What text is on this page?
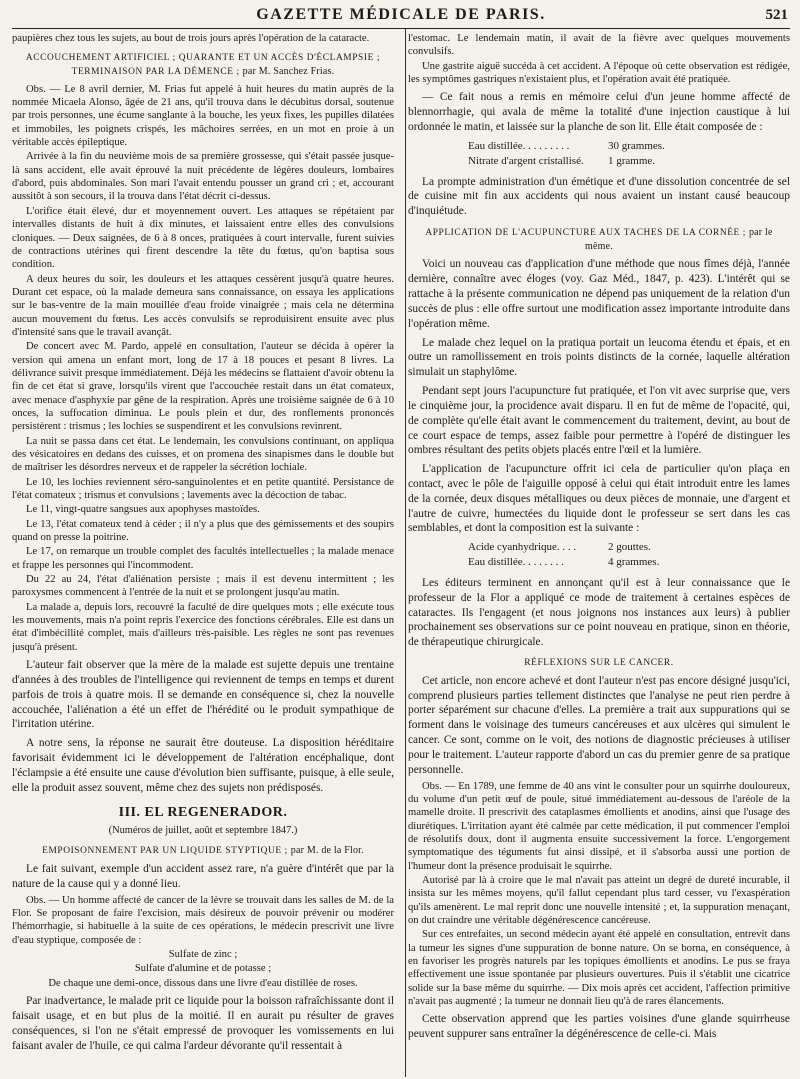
GAZETTE MÉDICALE DE PARIS.	521

paupières chez tous les sujets, au bout de trois jours après l'opération de la cataracte.

ACCOUCHEMENT ARTIFICIEL ; QUARANTE ET UN ACCÈS D'ÉCLAMPSIE ; TERMINAISON PAR LA DÉMENCE ; par M. Sanchez Frias.

Obs. — Le 8 avril dernier, M. Frias fut appelé à huit heures du matin auprès de la nommée Micaela Alonso, âgée de 21 ans, qu'il trouva dans le décubitus dorsal, soutenue par trois personnes, une écume sanglante à la bouche, les yeux fixes, les pupilles dilatées et immobiles, les poignets crispés, les mâchoires serrées, en un mot en proie à un véritable accès épileptique.

Arrivée à la fin du neuvième mois de sa première grossesse, qui s'était passée jusque-là sans accident, elle avait éprouvé la nuit précédente de légères douleurs, lombaires d'abord, puis abdominales. Son mari l'avait entendu pousser un grand cri ; et, accourant aussitôt à son secours, il la trouva dans l'état décrit ci-dessus.

L'orifice était élevé, dur et moyennement ouvert. Les attaques se répétaient par intervalles distants de huit à dix minutes, et laissaient entre elles des convulsions cloniques. — Deux saignées, de 6 à 8 onces, pratiquées à court intervalle, furent suivies de contractions utérines qui firent descendre la tête du fœtus, qu'on baptisa sous condition.

A deux heures du soir, les douleurs et les attaques cessèrent jusqu'à quatre heures. Durant cet espace, où la malade demeura sans connaissance, on essaya les applications sur le bas-ventre de la main mouillée d'eau froide vinaigrée ; mais cela ne détermina aucun mouvement du fœtus. Les accès convulsifs se reproduisirent ensuite avec plus d'intensité sans que le travail avançât.

De concert avec M. Pardo, appelé en consultation, l'auteur se décida à opérer la version qui amena un enfant mort, long de 17 à 18 pouces et pesant 8 livres. La délivrance suivit presque immédiatement. Déjà les médecins se flattaient d'avoir obtenu la fin de cet état si grave, lorsqu'ils virent que l'accouchée restait dans un état comateux, avec menace d'asphyxie par gêne de la respiration. Après une troisième saignée de 6 à 10 onces, la suffocation diminua. Le pouls plein et dur, des ronflements prononcés persistèrent : trismus ; les lochies se suspendirent et les convulsions revinrent.

La nuit se passa dans cet état. Le lendemain, les convulsions continuant, on appliqua des vésicatoires en dedans des cuisses, et on promena des sinapismes dans le double but de maîtriser les désordres nerveux et de rappeler la sécrétion lochiale.

Le 10, les lochies reviennent séro-sanguinolentes et en petite quantité. Persistance de l'état comateux ; trismus et convulsions ; lavements avec la décoction de tabac.

Le 11, vingt-quatre sangsues aux apophyses mastoïdes.

Le 13, l'état comateux tend à céder ; il n'y a plus que des gémissements et des soupirs quand on presse la poitrine.

Le 17, on remarque un trouble complet des facultés intellectuelles ; la malade menace et frappe les personnes qui l'incommodent.

Du 22 au 24, l'état d'aliénation persiste ; mais il est devenu intermittent ; les paroxysmes commencent à l'entrée de la nuit et se prolongent jusqu'au matin.

La malade a, depuis lors, recouvré la faculté de dire quelques mots ; elle exécute tous les mouvements, mais n'a point repris l'exercice des fonctions cérébrales. Elle est dans un état d'imbécillité complet, mais d'ailleurs très-paisible. Les règles ne sont pas revenues jusqu'à présent.

L'auteur fait observer que la mère de la malade est sujette depuis une trentaine d'années à des troubles de l'intelligence qui reviennent de temps en temps et durent parfois de trois à quatre mois. Il se demande en conséquence si, chez la nouvelle accouchée, l'aliénation a été un effet de l'hérédité ou le produit sympathique de l'irritation utérine.

A notre sens, la réponse ne saurait être douteuse. La disposition héréditaire favorisait évidemment ici le développement de l'altération encéphalique, dont l'éclampsie a été ensuite une cause d'évolution bien suffisante, puisque, à elle seule, elle la produit assez souvent, même chez des sujets non prédisposés.

III. EL REGENERADOR.
(Numéros de juillet, août et septembre 1847.)
EMPOISONNEMENT PAR UN LIQUIDE STYPTIQUE ; par M. de la Flor.

Le fait suivant, exemple d'un accident assez rare, n'a guère d'intérêt que par la nature de la cause qui y a donné lieu.

Obs. — Un homme affecté de cancer de la lèvre se trouvait dans les salles de M. de la Flor. Se proposant de faire l'excision, mais désireux de pouvoir prévenir ou modérer l'hémorrhagie, si habituelle à la suite de ces opérations, le médecin prescrivit une livre d'eau styptique, composée de :

Sulfate de zinc ;

Sulfate d'alumine et de potasse ;

De chaque une demi-once, dissous dans une livre d'eau distillée de roses.

Par inadvertance, le malade prit ce liquide pour la boisson rafraîchissante dont il faisait usage, et en but plus de la moitié. Il en aurait pu résulter de graves conséquences, si l'on ne s'était empressé de provoquer les vomissements en lui faisant avaler de l'huile, ce qui calma l'ardeur dévorante qu'il ressentait à

l'estomac. Le lendemain matin, il avait de la fièvre avec quelques mouvements convulsifs.

Une gastrite aiguë succéda à cet accident. A l'époque où cette observation est rédigée, les symptômes gastriques n'existaient plus, et l'opération avait été pratiquée.

— Ce fait nous a remis en mémoire celui d'un jeune homme affecté de blennorrhagie, qui avala de même la totalité d'une injection caustique à lui ordonnée le matin, et laissée sur la planche de son lit. Elle était composée de :

Eau distillée. . . . . . . . .	30 grammes.
Nitrate d'argent cristallisé.	1 gramme.

La prompte administration d'un émétique et d'une dissolution concentrée de sel de cuisine mit fin aux accidents qui nous avaient un instant causé beaucoup d'inquiétude.

APPLICATION DE L'ACUPUNCTURE AUX TACHES DE LA CORNÉE ; par le même.

Voici un nouveau cas d'application d'une méthode que nous fîmes déjà, l'année dernière, connaître avec éloges (voy. Gaz Méd., 1847, p. 423). L'intérêt qui se rattache à la présente communication ne dépend pas uniquement de la relation d'un succès de plus : elle offre surtout une modification assez importante introduite dans l'opération même.

Le malade chez lequel on la pratiqua portait un leucoma étendu et épais, et en outre un ramollissement en trois points distincts de la cornée, laquelle altération simulait un staphylôme.

Pendant sept jours l'acupuncture fut pratiquée, et l'on vit avec surprise que, vers le cinquième jour, la procidence avait disparu. Il en fut de même de l'opacité, qui, de complète qu'elle était avant le commencement du traitement, devint, au bout de ce court espace de temps, assez faible pour permettre à l'opéré de distinguer les ombres résultant des petits objets placés entre l'œil et la lumière.

L'application de l'acupuncture offrit ici cela de particulier qu'on plaça en contact, avec le pôle de l'aiguille opposé à celui qui était introduit entre les lames de la cornée, deux disques métalliques ou deux pièces de monnaie, une d'argent et l'autre de cuivre, humectées du liquide dont le professeur se sert dans les cas semblables, et dont la composition est la suivante :

Acide cyanhydrique. . . .	2 gouttes.
Eau distillée. . . . . . . .	4 grammes.

Les éditeurs terminent en annonçant qu'il est à leur connaissance que le professeur de la Flor a appliqué ce mode de traitement à certaines espèces de cataractes. Ils l'engagent (et nous joignons nos instances aux leurs) à publier prochainement ses observations sur ce point nouveau en pratique, sinon en théorie, de thérapeutique chirurgicale.

RÉFLEXIONS SUR LE CANCER.

Cet article, non encore achevé et dont l'auteur n'est pas encore désigné jusqu'ici, comprend plusieurs parties tellement distinctes que l'analyse ne peut rien perdre à porter séparément sur chacune d'elles. La première a trait aux suppurations qui se forment dans le voisinage des tumeurs cancéreuses et aux ulcères qui simulent le cancer. Ce sont, comme on le voit, des notions de diagnostic précieuses à utiliser pour le traitement. L'auteur rapporte d'abord un cas du premier genre de sa pratique personnelle.

Obs. — En 1789, une femme de 40 ans vint le consulter pour un squirrhe douloureux, du volume d'un petit œuf de poule, situé immédiatement au-dessous de l'aréole de la mamelle droite. Il prescrivit des cataplasmes émollients et anodins, ainsi que l'usage des diurétiques. L'irritation ayant été calmée par cette médication, il put commencer l'emploi de résolutifs doux, dont il augmenta ensuite successivement la force. L'engorgement symptomatique des téguments fut ainsi dissipé, et il s'absorba aussi une portion de l'humeur dont la présence produisait le squirrhe.

Autorisé par là à croire que le mal n'avait pas atteint un degré de dureté incurable, il insista sur les mêmes moyens, qu'il fallut cependant plus tard cesser, vu l'exaspération qu'ils amenèrent. Le mal reprit donc une nouvelle intensité ; et, la suppuration menaçant, on dut craindre une véritable dégénérescence cancéreuse.

Sur ces entrefaites, un second médecin ayant été appelé en consultation, entrevit dans la tumeur les signes d'une suppuration de bonne nature. On se borna, en conséquence, à en favoriser les progrès naturels par les topiques émollients et anodins. Le pus se fraya effectivement une issue spontanée par plusieurs ouvertures. Puis il s'établit une cicatrice solide sur la base même du squirrhe. — Dix mois après cet accident, l'affection primitive n'avait pas augmenté ; la tumeur ne donnait lieu qu'à de rares élancements.

Cette observation apprend que les parties voisines d'une glande squirrheuse peuvent suppurer sans entraîner la dégénérescence de celle-ci. Mais
